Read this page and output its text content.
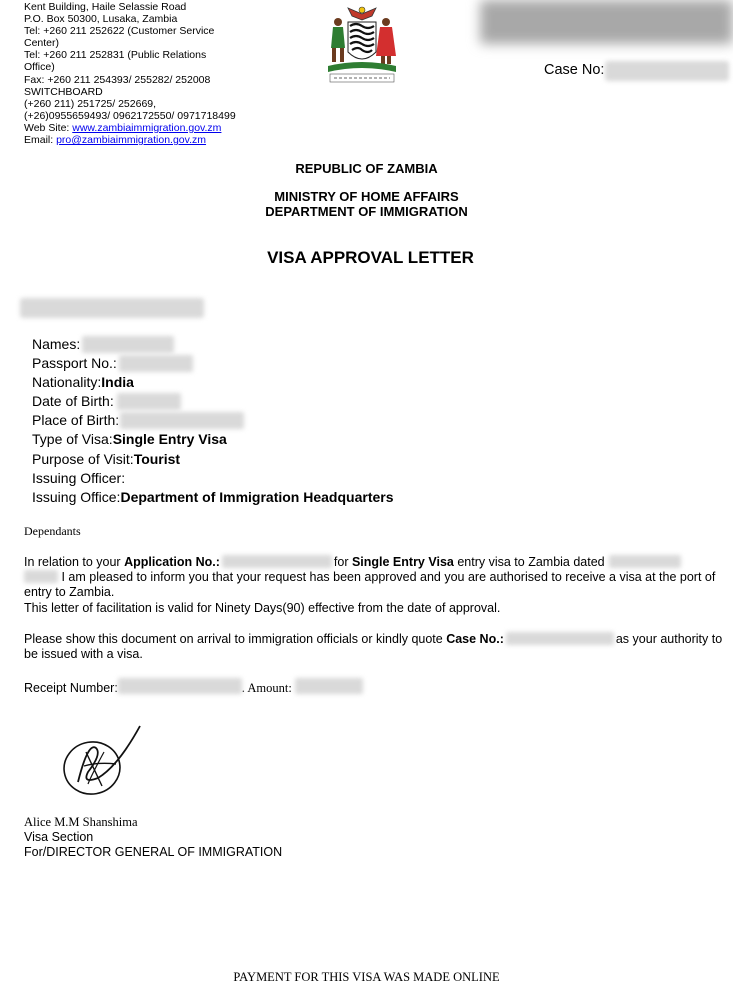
Kent Building, Haile Selassie Road
P.O. Box 50300, Lusaka, Zambia
Tel: +260 211 252622 (Customer Service
Center)
Tel: +260 211 252831 (Public Relations
Office)
Fax: +260 211 254393/ 255282/ 252008
SWITCHBOARD
(+260 211) 251725/ 252669,
(+26)0955659493/ 0962172550/ 0971718499
Web Site: www.zambiaimmigration.gov.zm
Email: pro@zambiaimmigration.gov.zm
Case No:
REPUBLIC OF ZAMBIA
MINISTRY OF HOME AFFAIRS
DEPARTMENT OF IMMIGRATION
VISA APPROVAL LETTER
Names:
Passport No.:
Nationality: India
Date of Birth:
Place of Birth:
Type of Visa: Single Entry Visa
Purpose of Visit: Tourist
Issuing Officer:
Issuing Office: Department of Immigration Headquarters
Dependants
In relation to your Application No.:	for Single Entry Visa entry visa to Zambia dated
I am pleased to inform you that your request has been approved and you are authorised to receive a visa at the port of entry to Zambia.
This letter of facilitation is valid for Ninety Days(90) effective from the date of approval.
Please show this document on arrival to immigration officials or kindly quote Case No.:	as your authority to be issued with a visa.
Receipt Number:	. Amount:
Alice M.M Shanshima
Visa Section
For/DIRECTOR GENERAL OF IMMIGRATION
PAYMENT FOR THIS VISA WAS MADE ONLINE
